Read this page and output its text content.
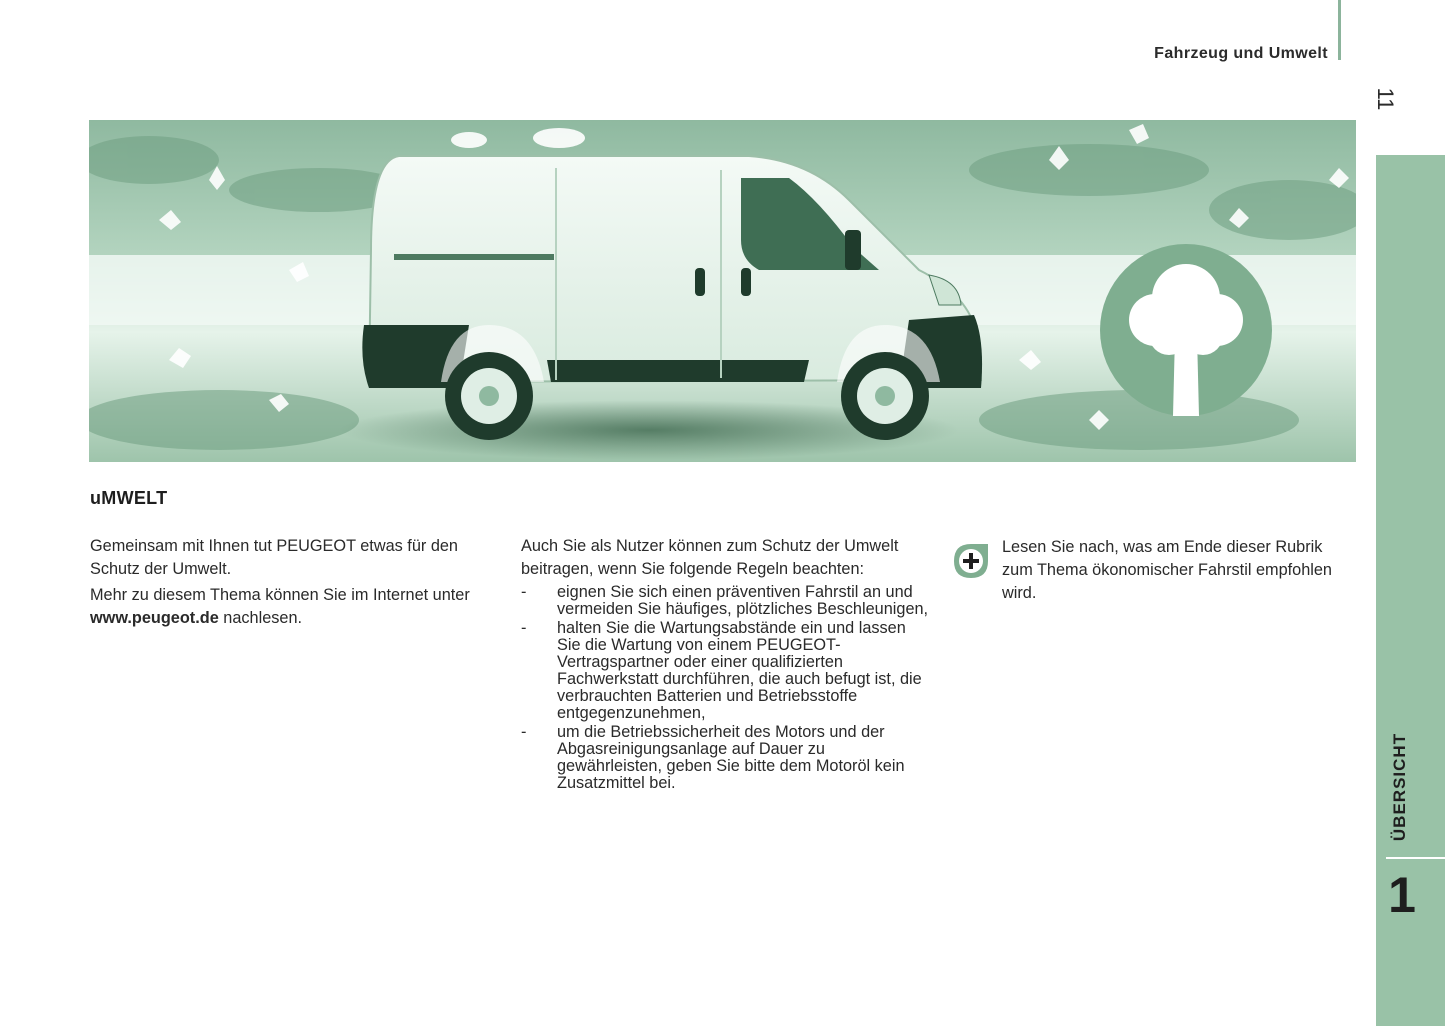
Fahrzeug und Umwelt
11
ÜBERSICHT
1
uMWELT

Gemeinsam mit Ihnen tut PEUGEOT etwas für den Schutz der Umwelt.

Mehr zu diesem Thema können Sie im Internet unter www.peugeot.de nachlesen.

Auch Sie als Nutzer können zum Schutz der Umwelt beitragen, wenn Sie folgende Regeln beachten:

- eignen Sie sich einen präventiven Fahrstil an und vermeiden Sie häufiges, plötzliches Beschleunigen,
- halten Sie die Wartungsabstände ein und lassen Sie die Wartung von einem PEUGEOT-Vertragspartner oder einer qualifizierten Fachwerkstatt durchführen, die auch befugt ist, die verbrauchten Batterien und Betriebsstoffe entgegenzunehmen,
- um die Betriebssicherheit des Motors und der Abgasreinigungsanlage auf Dauer zu gewährleisten, geben Sie bitte dem Motoröl kein Zusatzmittel bei.

Lesen Sie nach, was am Ende dieser Rubrik zum Thema ökonomischer Fahrstil empfohlen wird.
